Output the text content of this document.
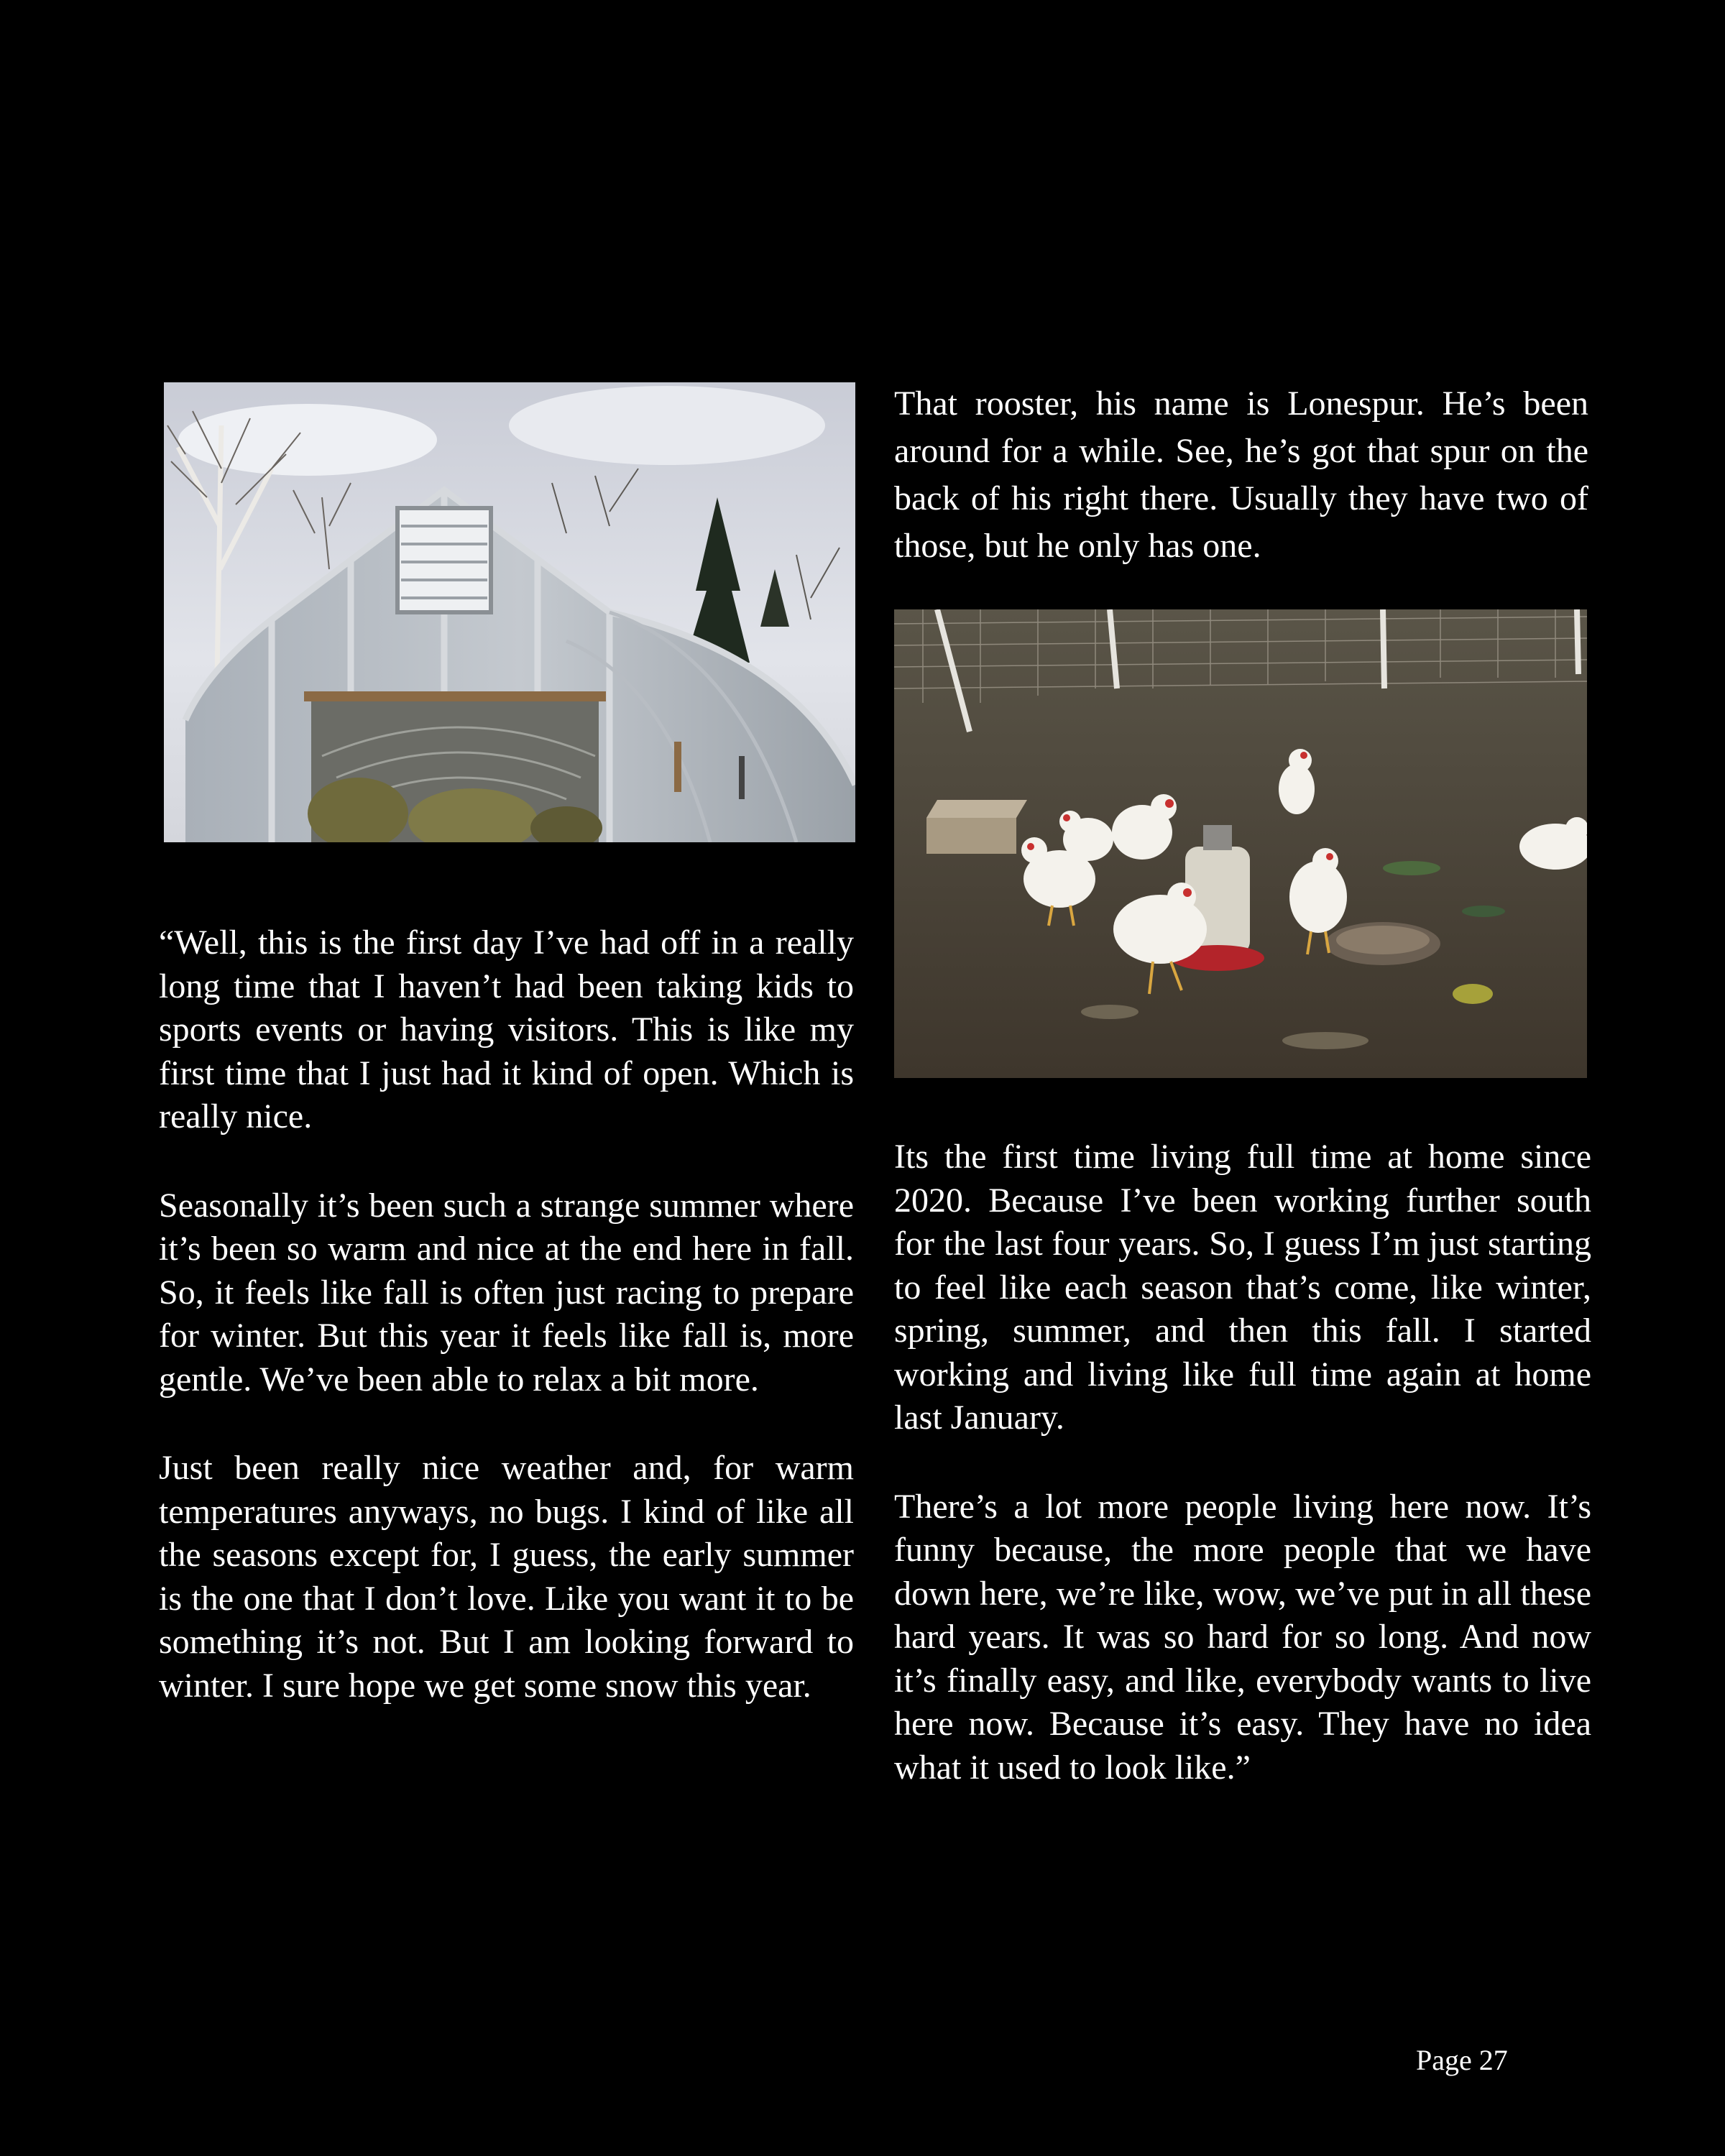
That rooster, his name is Lonespur. He’s been around for a while. See, he’s got that spur on the back of his right there. Usually they have two of those, but he only has one.

“Well, this is the first day I’ve had off in a really long time that I haven’t had been taking kids to sports events or having visitors. This is like my first time that I just had it kind of open. Which is really nice.

Seasonally it’s been such a strange summer where it’s been so warm and nice at the end here in fall. So, it feels like fall is often just racing to prepare for winter. But this year it feels like fall is, more gentle. We’ve been able to relax a bit more.

Just been really nice weather and, for warm temperatures anyways, no bugs. I kind of like all the seasons except for, I guess, the early summer is the one that I don’t love. Like you want it to be something it’s not. But I am looking forward to winter. I sure hope we get some snow this year.

Its the first time living full time at home since 2020. Because I’ve been working further south for the last four years. So, I guess I’m just starting to feel like each season that’s come, like winter, spring, summer, and then this fall. I started working and living like full time again at home last January.

There’s a lot more people living here now. It’s funny because, the more people that we have down here, we’re like, wow, we’ve put in all these hard years. It was so hard for so long. And now it’s finally easy, and like, everybody wants to live here now. Because it’s easy. They have no idea what it used to look like.”

Page 27
